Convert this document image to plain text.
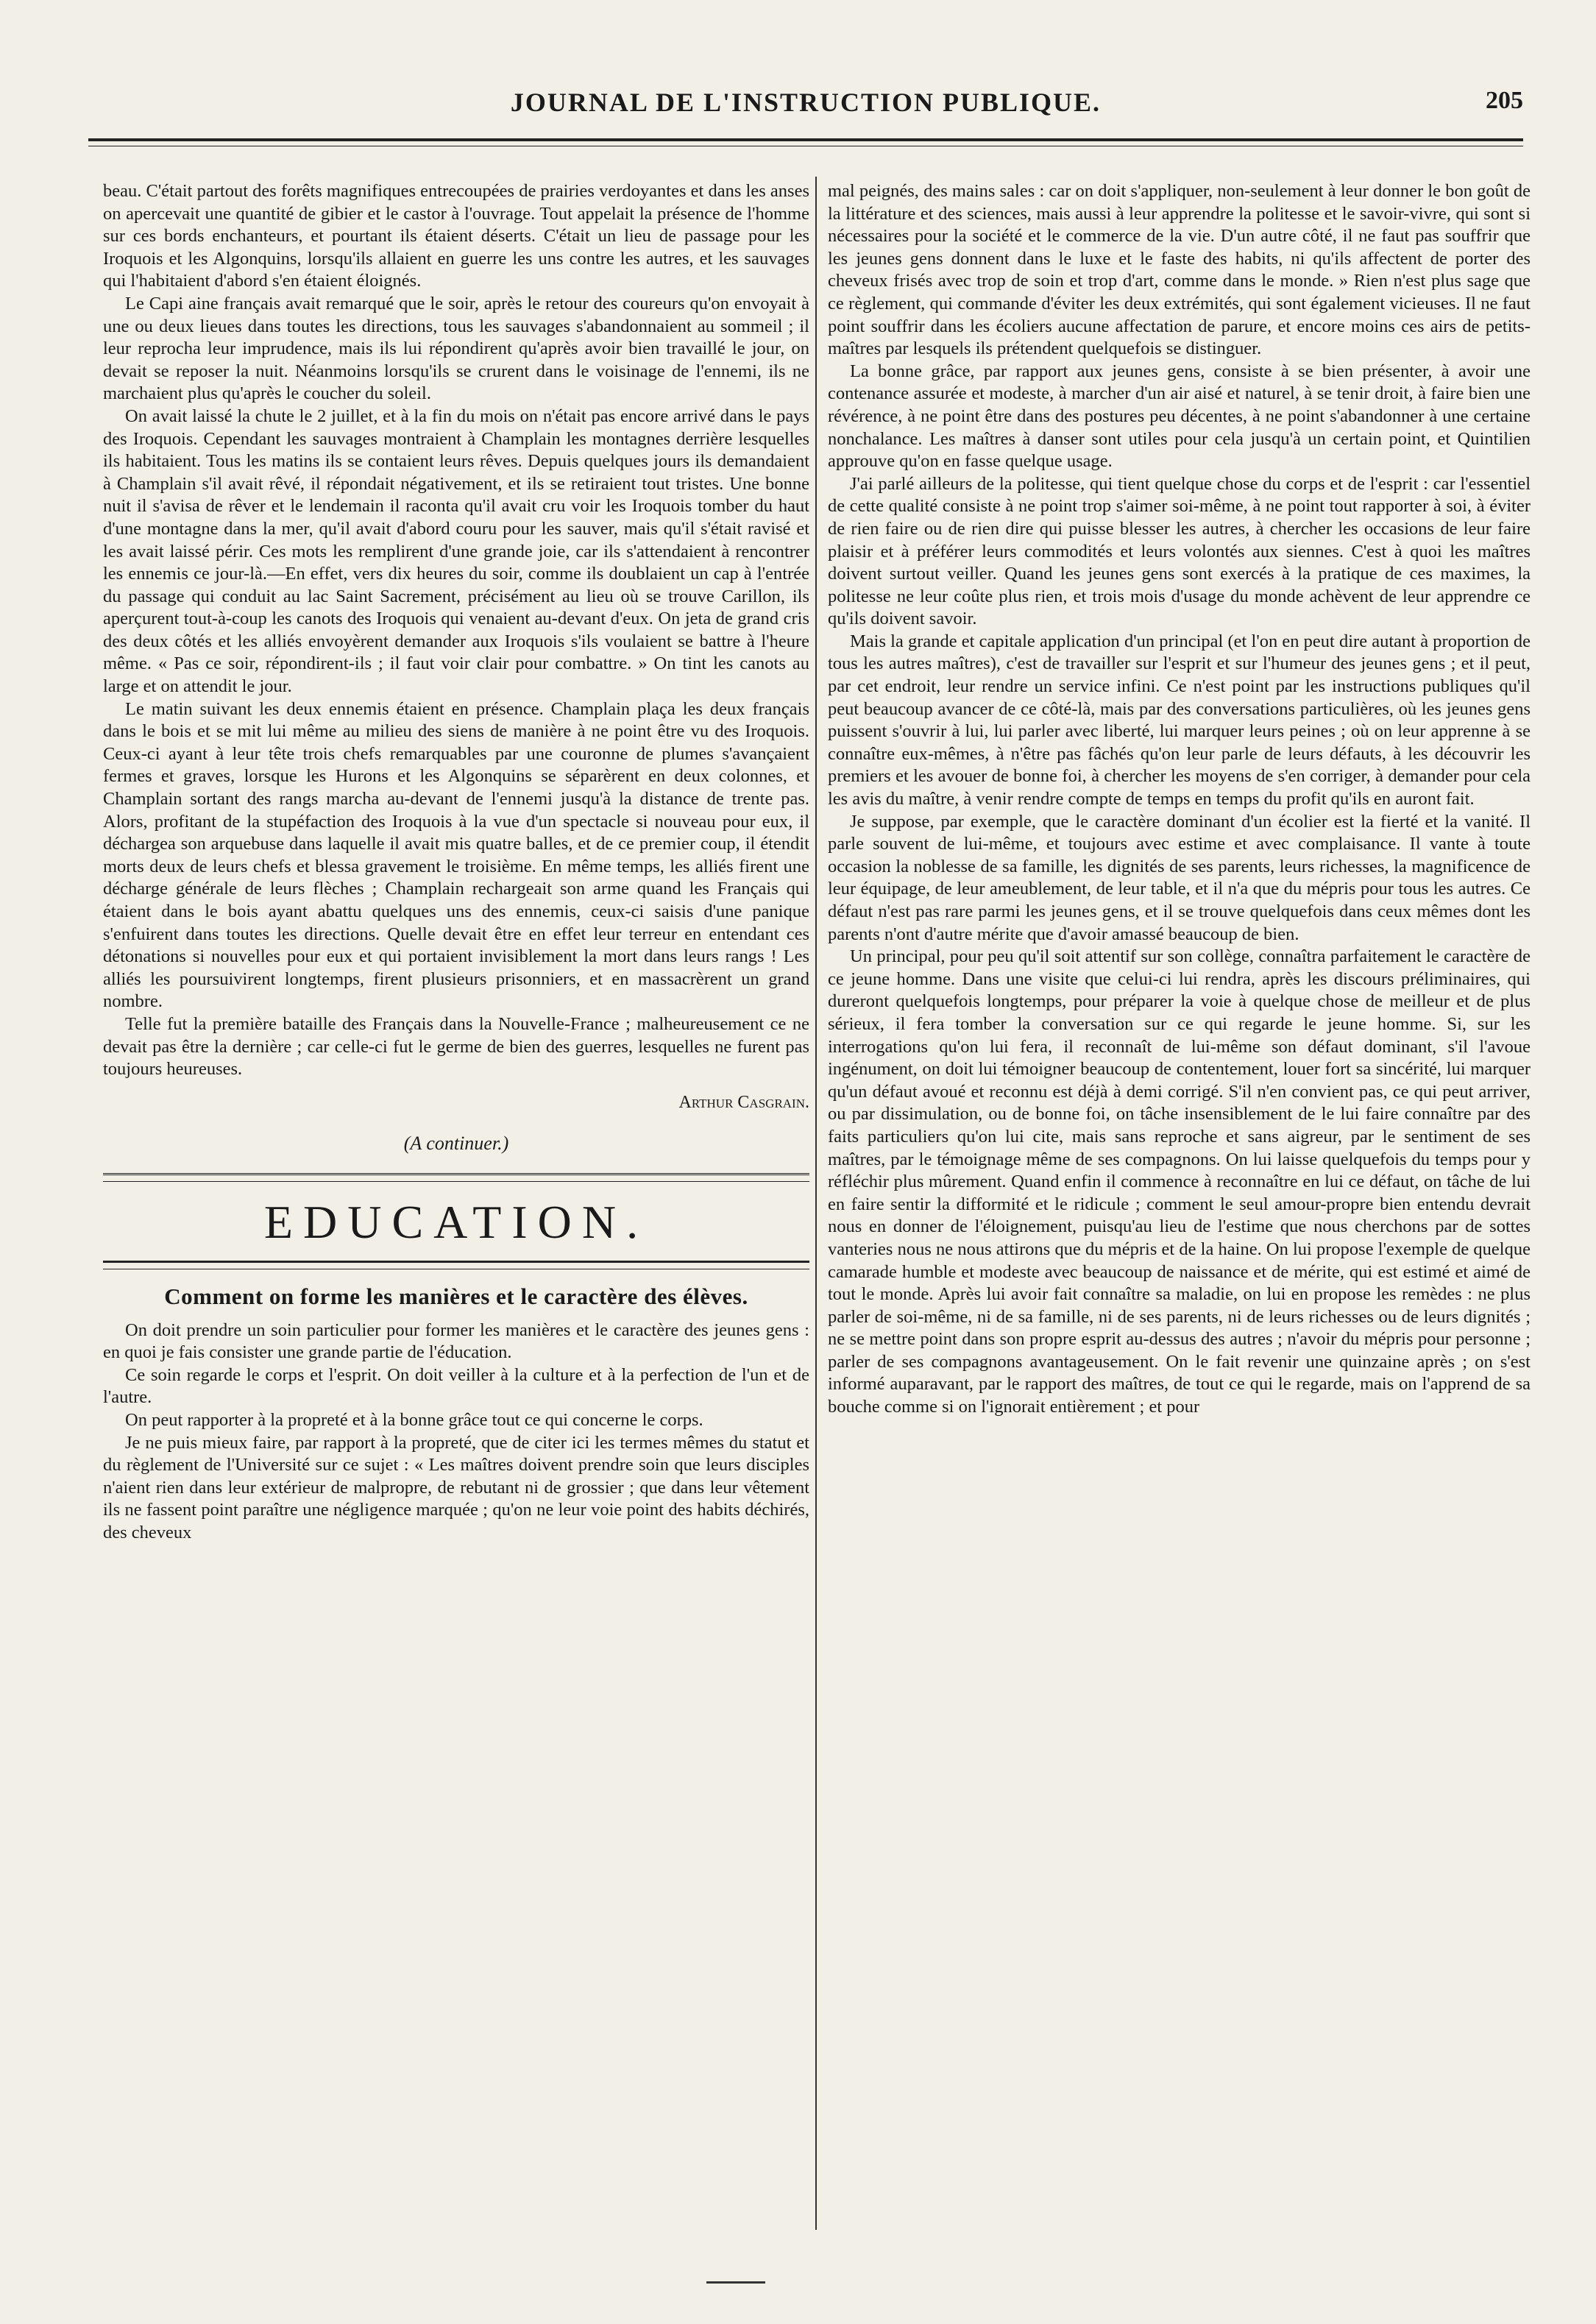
JOURNAL DE L'INSTRUCTION PUBLIQUE.	205

beau. C'était partout des forêts magnifiques entrecoupées de prairies verdoyantes et dans les anses on apercevait une quantité de gibier et le castor à l'ouvrage. Tout appelait la présence de l'homme sur ces bords enchanteurs, et pourtant ils étaient déserts. C'était un lieu de passage pour les Iroquois et les Algonquins, lorsqu'ils allaient en guerre les uns contre les autres, et les sauvages qui l'habitaient d'abord s'en étaient éloignés.

Le Capi aine français avait remarqué que le soir, après le retour des coureurs qu'on envoyait à une ou deux lieues dans toutes les directions, tous les sauvages s'abandonnaient au sommeil ; il leur reprocha leur imprudence, mais ils lui répondirent qu'après avoir bien travaillé le jour, on devait se reposer la nuit. Néanmoins lorsqu'ils se crurent dans le voisinage de l'ennemi, ils ne marchaient plus qu'après le coucher du soleil.

On avait laissé la chute le 2 juillet, et à la fin du mois on n'était pas encore arrivé dans le pays des Iroquois. Cependant les sauvages montraient à Champlain les montagnes derrière lesquelles ils habitaient. Tous les matins ils se contaient leurs rêves. Depuis quelques jours ils demandaient à Champlain s'il avait rêvé, il répondait négativement, et ils se retiraient tout tristes. Une bonne nuit il s'avisa de rêver et le lendemain il raconta qu'il avait cru voir les Iroquois tomber du haut d'une montagne dans la mer, qu'il avait d'abord couru pour les sauver, mais qu'il s'était ravisé et les avait laissé périr. Ces mots les remplirent d'une grande joie, car ils s'attendaient à rencontrer les ennemis ce jour-là.—En effet, vers dix heures du soir, comme ils doublaient un cap à l'entrée du passage qui conduit au lac Saint Sacrement, précisément au lieu où se trouve Carillon, ils aperçurent tout-à-coup les canots des Iroquois qui venaient au-devant d'eux. On jeta de grand cris des deux côtés et les alliés envoyèrent demander aux Iroquois s'ils voulaient se battre à l'heure même. « Pas ce soir, répondirent-ils ; il faut voir clair pour combattre. » On tint les canots au large et on attendit le jour.

Le matin suivant les deux ennemis étaient en présence. Champlain plaça les deux français dans le bois et se mit lui même au milieu des siens de manière à ne point être vu des Iroquois. Ceux-ci ayant à leur tête trois chefs remarquables par une couronne de plumes s'avançaient fermes et graves, lorsque les Hurons et les Algonquins se séparèrent en deux colonnes, et Champlain sortant des rangs marcha au-devant de l'ennemi jusqu'à la distance de trente pas. Alors, profitant de la stupéfaction des Iroquois à la vue d'un spectacle si nouveau pour eux, il déchargea son arquebuse dans laquelle il avait mis quatre balles, et de ce premier coup, il étendit morts deux de leurs chefs et blessa gravement le troisième. En même temps, les alliés firent une décharge générale de leurs flèches ; Champlain rechargeait son arme quand les Français qui étaient dans le bois ayant abattu quelques uns des ennemis, ceux-ci saisis d'une panique s'enfuirent dans toutes les directions. Quelle devait être en effet leur terreur en entendant ces détonations si nouvelles pour eux et qui portaient invisiblement la mort dans leurs rangs ! Les alliés les poursuivirent longtemps, firent plusieurs prisonniers, et en massacrèrent un grand nombre.

Telle fut la première bataille des Français dans la Nouvelle-France ; malheureusement ce ne devait pas être la dernière ; car celle-ci fut le germe de bien des guerres, lesquelles ne furent pas toujours heureuses.

Arthur Casgrain.
(A continuer.)
EDUCATION.
Comment on forme les manières et le caractère des élèves.

On doit prendre un soin particulier pour former les manières et le caractère des jeunes gens : en quoi je fais consister une grande partie de l'éducation.

Ce soin regarde le corps et l'esprit. On doit veiller à la culture et à la perfection de l'un et de l'autre.

On peut rapporter à la propreté et à la bonne grâce tout ce qui concerne le corps.

Je ne puis mieux faire, par rapport à la propreté, que de citer ici les termes mêmes du statut et du règlement de l'Université sur ce sujet : « Les maîtres doivent prendre soin que leurs disciples n'aient rien dans leur extérieur de malpropre, de rebutant ni de grossier ; que dans leur vêtement ils ne fassent point paraître une négligence marquée ; qu'on ne leur voie point des habits déchirés, des cheveux

mal peignés, des mains sales : car on doit s'appliquer, non-seulement à leur donner le bon goût de la littérature et des sciences, mais aussi à leur apprendre la politesse et le savoir-vivre, qui sont si nécessaires pour la société et le commerce de la vie. D'un autre côté, il ne faut pas souffrir que les jeunes gens donnent dans le luxe et le faste des habits, ni qu'ils affectent de porter des cheveux frisés avec trop de soin et trop d'art, comme dans le monde. » Rien n'est plus sage que ce règlement, qui commande d'éviter les deux extrémités, qui sont également vicieuses. Il ne faut point souffrir dans les écoliers aucune affectation de parure, et encore moins ces airs de petits-maîtres par lesquels ils prétendent quelquefois se distinguer.

La bonne grâce, par rapport aux jeunes gens, consiste à se bien présenter, à avoir une contenance assurée et modeste, à marcher d'un air aisé et naturel, à se tenir droit, à faire bien une révérence, à ne point être dans des postures peu décentes, à ne point s'abandonner à une certaine nonchalance. Les maîtres à danser sont utiles pour cela jusqu'à un certain point, et Quintilien approuve qu'on en fasse quelque usage.

J'ai parlé ailleurs de la politesse, qui tient quelque chose du corps et de l'esprit : car l'essentiel de cette qualité consiste à ne point trop s'aimer soi-même, à ne point tout rapporter à soi, à éviter de rien faire ou de rien dire qui puisse blesser les autres, à chercher les occasions de leur faire plaisir et à préférer leurs commodités et leurs volontés aux siennes. C'est à quoi les maîtres doivent surtout veiller. Quand les jeunes gens sont exercés à la pratique de ces maximes, la politesse ne leur coûte plus rien, et trois mois d'usage du monde achèvent de leur apprendre ce qu'ils doivent savoir.

Mais la grande et capitale application d'un principal (et l'on en peut dire autant à proportion de tous les autres maîtres), c'est de travailler sur l'esprit et sur l'humeur des jeunes gens ; et il peut, par cet endroit, leur rendre un service infini. Ce n'est point par les instructions publiques qu'il peut beaucoup avancer de ce côté-là, mais par des conversations particulières, où les jeunes gens puissent s'ouvrir à lui, lui parler avec liberté, lui marquer leurs peines ; où on leur apprenne à se connaître eux-mêmes, à n'être pas fâchés qu'on leur parle de leurs défauts, à les découvrir les premiers et les avouer de bonne foi, à chercher les moyens de s'en corriger, à demander pour cela les avis du maître, à venir rendre compte de temps en temps du profit qu'ils en auront fait.

Je suppose, par exemple, que le caractère dominant d'un écolier est la fierté et la vanité. Il parle souvent de lui-même, et toujours avec estime et avec complaisance. Il vante à toute occasion la noblesse de sa famille, les dignités de ses parents, leurs richesses, la magnificence de leur équipage, de leur ameublement, de leur table, et il n'a que du mépris pour tous les autres. Ce défaut n'est pas rare parmi les jeunes gens, et il se trouve quelquefois dans ceux mêmes dont les parents n'ont d'autre mérite que d'avoir amassé beaucoup de bien.

Un principal, pour peu qu'il soit attentif sur son collège, connaîtra parfaitement le caractère de ce jeune homme. Dans une visite que celui-ci lui rendra, après les discours préliminaires, qui dureront quelquefois longtemps, pour préparer la voie à quelque chose de meilleur et de plus sérieux, il fera tomber la conversation sur ce qui regarde le jeune homme. Si, sur les interrogations qu'on lui fera, il reconnaît de lui-même son défaut dominant, s'il l'avoue ingénument, on doit lui témoigner beaucoup de contentement, louer fort sa sincérité, lui marquer qu'un défaut avoué et reconnu est déjà à demi corrigé. S'il n'en convient pas, ce qui peut arriver, ou par dissimulation, ou de bonne foi, on tâche insensiblement de le lui faire connaître par des faits particuliers qu'on lui cite, mais sans reproche et sans aigreur, par le sentiment de ses maîtres, par le témoignage même de ses compagnons. On lui laisse quelquefois du temps pour y réfléchir plus mûrement. Quand enfin il commence à reconnaître en lui ce défaut, on tâche de lui en faire sentir la difformité et le ridicule ; comment le seul amour-propre bien entendu devrait nous en donner de l'éloignement, puisqu'au lieu de l'estime que nous cherchons par de sottes vanteries nous ne nous attirons que du mépris et de la haine. On lui propose l'exemple de quelque camarade humble et modeste avec beaucoup de naissance et de mérite, qui est estimé et aimé de tout le monde. Après lui avoir fait connaître sa maladie, on lui en propose les remèdes : ne plus parler de soi-même, ni de sa famille, ni de ses parents, ni de leurs richesses ou de leurs dignités ; ne se mettre point dans son propre esprit au-dessus des autres ; n'avoir du mépris pour personne ; parler de ses compagnons avantageusement. On le fait revenir une quinzaine après ; on s'est informé auparavant, par le rapport des maîtres, de tout ce qui le regarde, mais on l'apprend de sa bouche comme si on l'ignorait entièrement ; et pour
